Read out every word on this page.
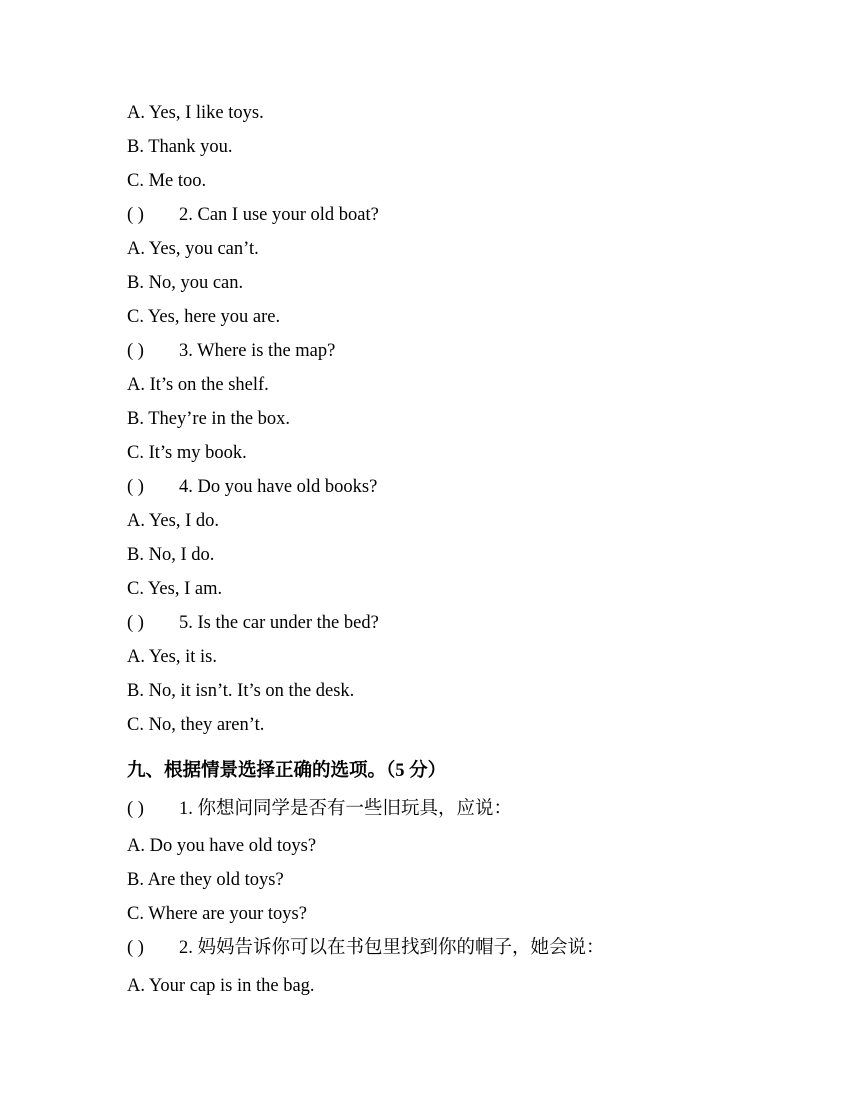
A. Yes, I like toys.
B. Thank you.
C. Me too.
( ) 2. Can I use your old boat?
A. Yes, you can’t.
B. No, you can.
C. Yes, here you are.
( ) 3. Where is the map?
A. It’s on the shelf.
B. They’re in the box.
C. It’s my book.
( ) 4. Do you have old books?
A. Yes, I do.
B. No, I do.
C. Yes, I am.
( ) 5. Is the car under the bed?
A. Yes, it is.
B. No, it isn’t. It’s on the desk.
C. No, they aren’t.
九、根据情景选择正确的选项。（5 分）
( ) 1. 你想问同学是否有一些旧玩具，应说：
A. Do you have old toys?
B. Are they old toys?
C. Where are your toys?
( ) 2. 妈妈告诉你可以在书包里找到你的帽子，她会说：
A. Your cap is in the bag.
